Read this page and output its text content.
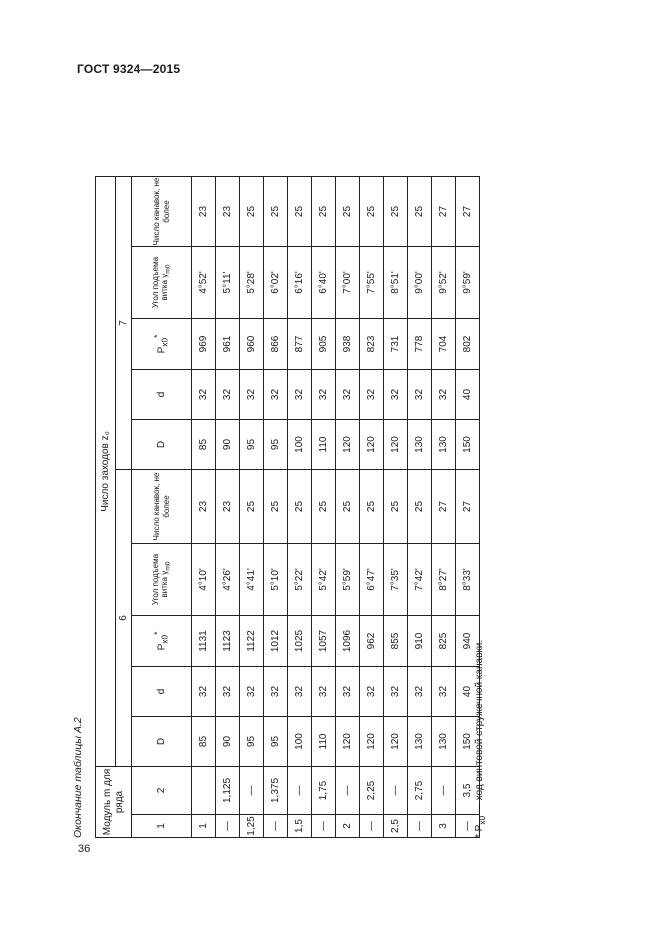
ГОСТ 9324—2015
Окончание таблицы А.2 Модуль m для ряда		Число заходов z₀									
		6					7				
1	2	D	d	$P_{x0}^*$	Угол подъема витка $\gamma_{m0}$	Число канавок, не более	D	d	$P_{x0}^*$	Угол подъема витка $\gamma_{m0}$	Число канавок, не более
1		85	32	1131	4°10'	23	85	32	969	4°52'	23
—	1,125	90	32	1123	4°26'	23	90	32	961	5°11'	23
1,25	—	95	32	1122	4°41'	25	95	32	960	5°28'	25
—	1,375	95	32	1012	5°10'	25	95	32	866	6°02'	25
1,5	—	100	32	1025	5°22'	25	100	32	877	6°16'	25
—	1,75	110	32	1057	5°42'	25	110	32	905	6°40'	25
2	—	120	32	1096	5°59'	25	120	32	938	7°00'	25
—	2,25	120	32	962	6°47'	25	120	32	823	7°55'	25
2,5	—	120	32	855	7°35'	25	120	32	731	8°51'	25
—	2,75	130	32	910	7°42'	25	130	32	778	9°00'	25
3	—	130	32	825	8°27'	27	130	32	704	9°52'	27
—	3,5	150	40	940	8°33'	27	150	40	802	9°59'	27
* $P_{x0}$ — ход винтовой стружечной канавки.
36
